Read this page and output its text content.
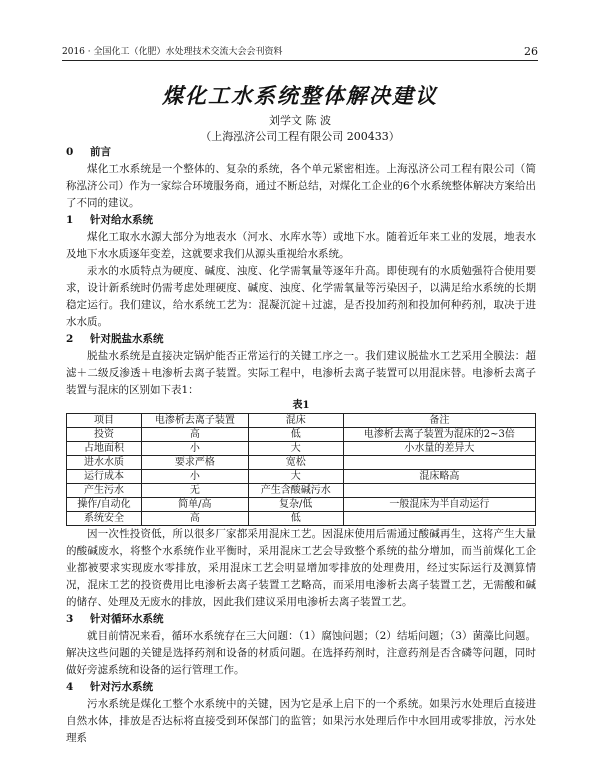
2016 · 全国化工（化肥）水处理技术交流大会会刊资料	26
煤化工水系统整体解决建议
刘学文 陈 波
（上海泓济公司工程有限公司 200433）
0 前言
煤化工水系统是一个整体的、复杂的系统，各个单元紧密相连。上海泓济公司工程有限公司（简称泓济公司）作为一家综合环境服务商，通过不断总结，对煤化工企业的6个水系统整体解决方案给出了不同的建议。
1 针对给水系统
煤化工取水水源大部分为地表水（河水、水库水等）或地下水。随着近年来工业的发展，地表水及地下水水质逐年变差，这就要求我们从源头重视给水系统。
汞水的水质特点为硬度、碱度、浊度、化学需氧量等逐年升高。即使现有的水质勉强符合使用要求，设计新系统时仍需考虑处理硬度、碱度、浊度、化学需氧量等污染因子，以满足给水系统的长期稳定运行。我们建议，给水系统工艺为：混凝沉淀＋过滤，是否投加药剂和投加何种药剂，取决于进水水质。
2 针对脱盐水系统
脱盐水系统是直接决定锅炉能否正常运行的关键工序之一。我们建议脱盐水工艺采用全膜法：超滤＋二级反渗透＋电渗析去离子装置。实际工程中，电渗析去离子装置可以用混床替。电渗析去离子装置与混床的区别如下表1：
表1
项目	电渗析去离子装置	混床	备注
投资	高	低	电渗析去离子装置为混床的2~3倍
占地面积	小	大	小水量的差异大
进水水质	要求严格	宽松	
运行成本	小	大	混床略高
产生污水	无	产生含酸碱污水	
操作/自动化	简单/高	复杂/低	一般混床为半自动运行
系统安全	高	低	
因一次性投资低，所以很多厂家都采用混床工艺。因混床使用后需通过酸碱再生，这将产生大量的酸碱废水，将整个水系统作业平衡时，采用混床工艺会导致整个系统的盐分增加，而当前煤化工企业都被要求实现废水零排放，采用混床工艺会明显增加零排放的处理费用，经过实际运行及测算情况，混床工艺的投资费用比电渗析去离子装置工艺略高，而采用电渗析去离子装置工艺，无需酸和碱的储存、处理及无废水的排放，因此我们建议采用电渗析去离子装置工艺。
3 针对循环水系统
就目前情况来看，循环水系统存在三大问题：（1）腐蚀问题；（2）结垢问题；（3）菌藻比问题。解决这些问题的关键是选择药剂和设备的材质问题。在选择药剂时，注意药剂是否含磷等问题，同时做好旁滤系统和设备的运行管理工作。
4 针对污水系统
污水系统是煤化工整个水系统中的关键，因为它是承上启下的一个系统。如果污水处理后直接进自然水体，排放是否达标将直接受到环保部门的监管；如果污水处理后作中水回用或零排放，污水处理系
